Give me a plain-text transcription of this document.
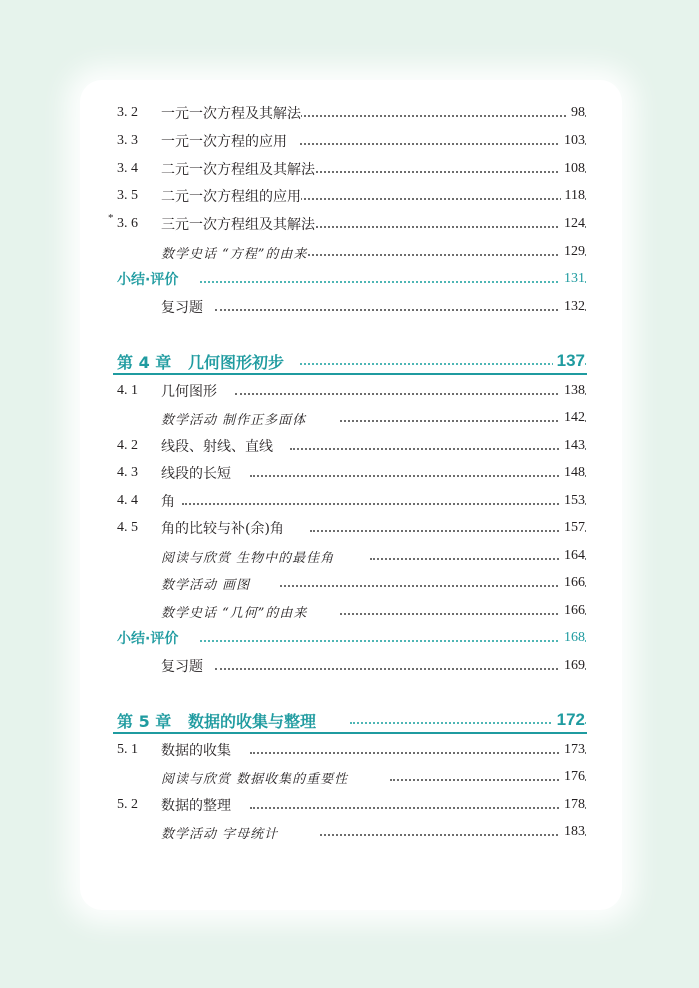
3. 2 一元一次方程及其解法	98
3. 3 一元一次方程的应用	103
3. 4 二元一次方程组及其解法	108
3. 5 二元一次方程组的应用	118
* 3. 6 三元一次方程组及其解法	124
数学史话 “方程”的由来	129
小结·评价	131
复习题	132
第 4 章   几何图形初步	137
4. 1 几何图形	138
数学活动 制作正多面体	142
4. 2 线段、射线、直线	143
4. 3 线段的长短	148
4. 4 角	153
4. 5 角的比较与补(余)角	157
阅读与欣赏 生物中的最佳角	164
数学活动 画图	166
数学史话 “几何”的由来	166
小结·评价	168
复习题	169
第 5 章   数据的收集与整理	172
5. 1 数据的收集	173
阅读与欣赏 数据收集的重要性	176
5. 2 数据的整理	178
数学活动 字母统计	183
